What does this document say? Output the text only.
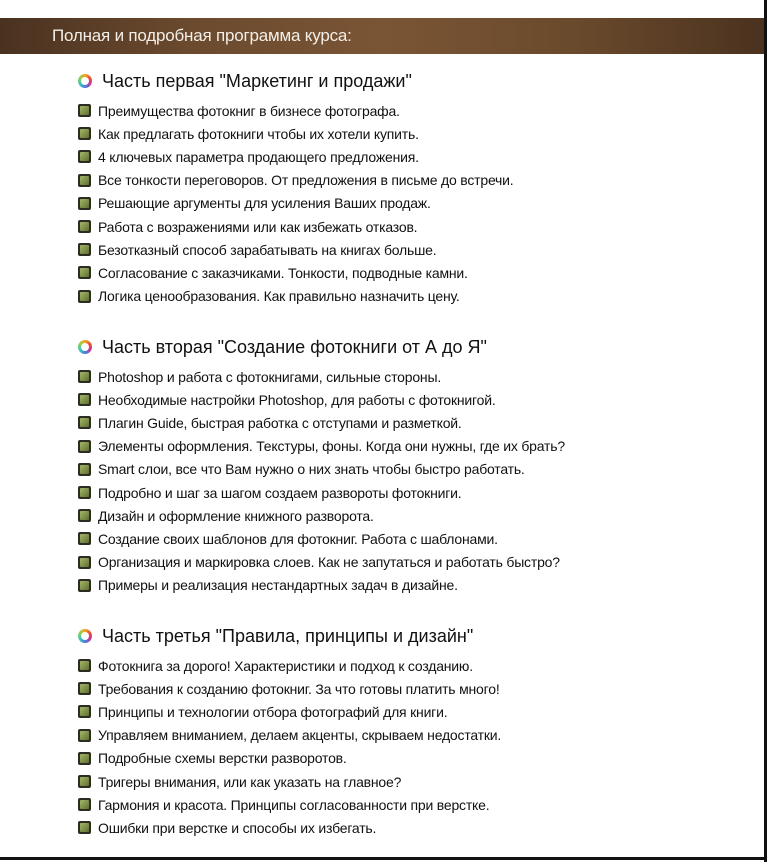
Полная и подробная программа курса:
Часть первая "Маркетинг и продажи"
Преимущества фотокниг в бизнесе фотографа.
Как предлагать фотокниги чтобы их хотели купить.
4 ключевых параметра продающего предложения.
Все тонкости переговоров. От предложения в письме до встречи.
Решающие аргументы для усиления Ваших продаж.
Работа с возражениями или как избежать отказов.
Безотказный способ зарабатывать на книгах больше.
Согласование с заказчиками. Тонкости, подводные камни.
Логика ценообразования. Как правильно назначить цену.
Часть вторая "Создание фотокниги от А до Я"
Photoshop и работа с фотокнигами, сильные стороны.
Необходимые настройки Photoshop, для работы с фотокнигой.
Плагин Guide, быстрая работка с отступами и разметкой.
Элементы оформления. Текстуры, фоны. Когда они нужны, где их брать?
Smart слои, все что Вам нужно о них знать чтобы быстро работать.
Подробно и шаг за шагом создаем развороты фотокниги.
Дизайн и оформление книжного разворота.
Создание своих шаблонов для фотокниг. Работа с шаблонами.
Организация и маркировка слоев. Как не запутаться и работать быстро?
Примеры и реализация нестандартных задач в дизайне.
Часть третья "Правила, принципы и дизайн"
Фотокнига за дорого! Характеристики и подход к созданию.
Требования к созданию фотокниг. За что готовы платить много!
Принципы и технологии отбора фотографий для книги.
Управляем вниманием, делаем акценты, скрываем недостатки.
Подробные схемы верстки разворотов.
Тригеры внимания, или как указать на главное?
Гармония и красота. Принципы согласованности при верстке.
Ошибки при верстке и способы их избегать.
